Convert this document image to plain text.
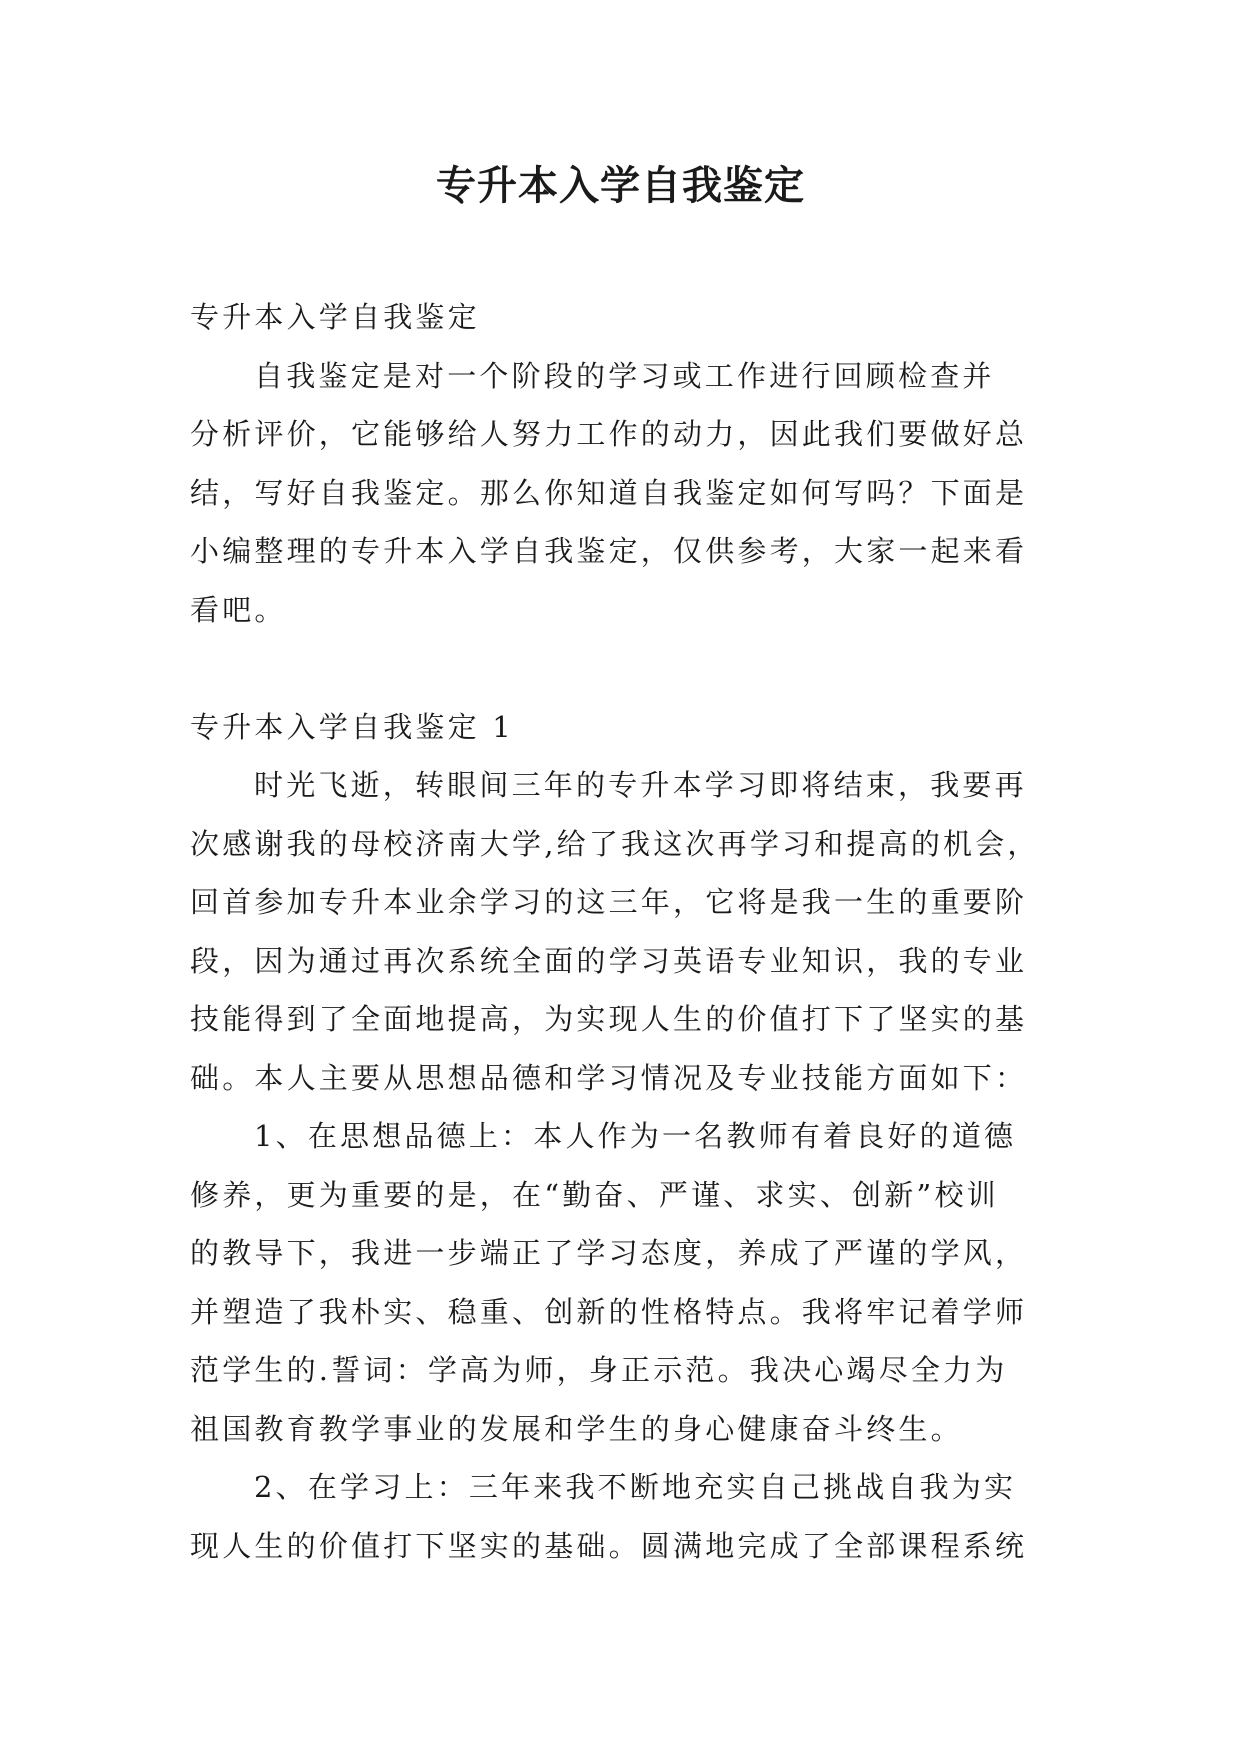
专升本入学自我鉴定
专升本入学自我鉴定
自我鉴定是对一个阶段的学习或工作进行回顾检查并
分析评价，它能够给人努力工作的动力，因此我们要做好总
结，写好自我鉴定。那么你知道自我鉴定如何写吗？下面是
小编整理的专升本入学自我鉴定，仅供参考，大家一起来看
看吧。
专升本入学自我鉴定 1
时光飞逝，转眼间三年的专升本学习即将结束，我要再
次感谢我的母校济南大学,给了我这次再学习和提高的机会，
回首参加专升本业余学习的这三年，它将是我一生的重要阶
段，因为通过再次系统全面的学习英语专业知识，我的专业
技能得到了全面地提高，为实现人生的价值打下了坚实的基
础。本人主要从思想品德和学习情况及专业技能方面如下：
1、在思想品德上：本人作为一名教师有着良好的道德
修养，更为重要的是，在“勤奋、严谨、求实、创新”校训
的教导下，我进一步端正了学习态度，养成了严谨的学风，
并塑造了我朴实、稳重、创新的性格特点。我将牢记着学师
范学生的.誓词：学高为师，身正示范。我决心竭尽全力为
祖国教育教学事业的发展和学生的身心健康奋斗终生。
2、在学习上：三年来我不断地充实自己挑战自我为实
现人生的价值打下坚实的基础。圆满地完成了全部课程系统
